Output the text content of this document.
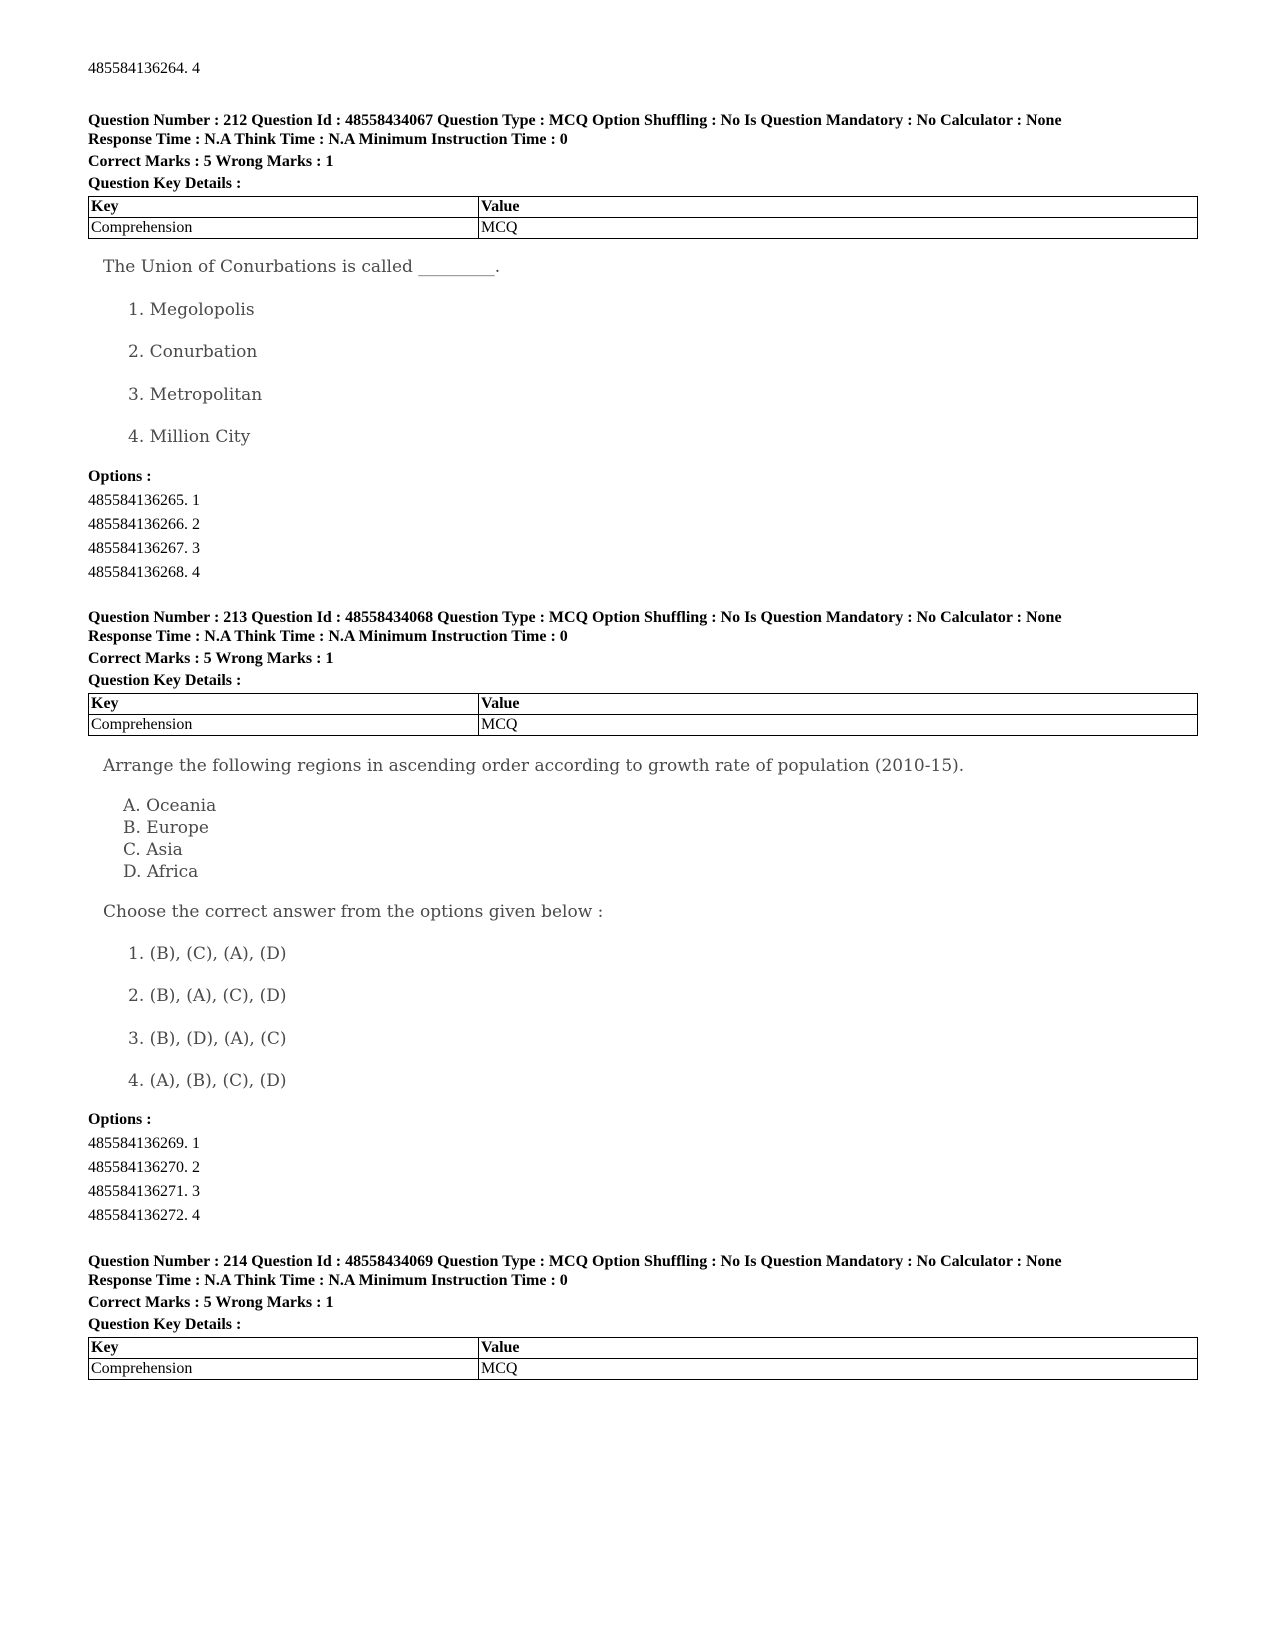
485584136264. 4
Question Number : 212 Question Id : 48558434067 Question Type : MCQ Option Shuffling : No Is Question Mandatory : No Calculator : None
Response Time : N.A Think Time : N.A Minimum Instruction Time : 0
Correct Marks : 5 Wrong Marks : 1
Question Key Details :
Key	Value
Comprehension	MCQ
The Union of Conurbations is called _________.
1. Megolopolis
2. Conurbation
3. Metropolitan
4. Million City
Options :
485584136265. 1
485584136266. 2
485584136267. 3
485584136268. 4
Question Number : 213 Question Id : 48558434068 Question Type : MCQ Option Shuffling : No Is Question Mandatory : No Calculator : None
Response Time : N.A Think Time : N.A Minimum Instruction Time : 0
Correct Marks : 5 Wrong Marks : 1
Question Key Details :
Key	Value
Comprehension	MCQ
Arrange the following regions in ascending order according to growth rate of population (2010-15).
A. Oceania
B. Europe
C. Asia
D. Africa
Choose the correct answer from the options given below :
1. (B), (C), (A), (D)
2. (B), (A), (C), (D)
3. (B), (D), (A), (C)
4. (A), (B), (C), (D)
Options :
485584136269. 1
485584136270. 2
485584136271. 3
485584136272. 4
Question Number : 214 Question Id : 48558434069 Question Type : MCQ Option Shuffling : No Is Question Mandatory : No Calculator : None
Response Time : N.A Think Time : N.A Minimum Instruction Time : 0
Correct Marks : 5 Wrong Marks : 1
Question Key Details :
Key	Value
Comprehension	MCQ
